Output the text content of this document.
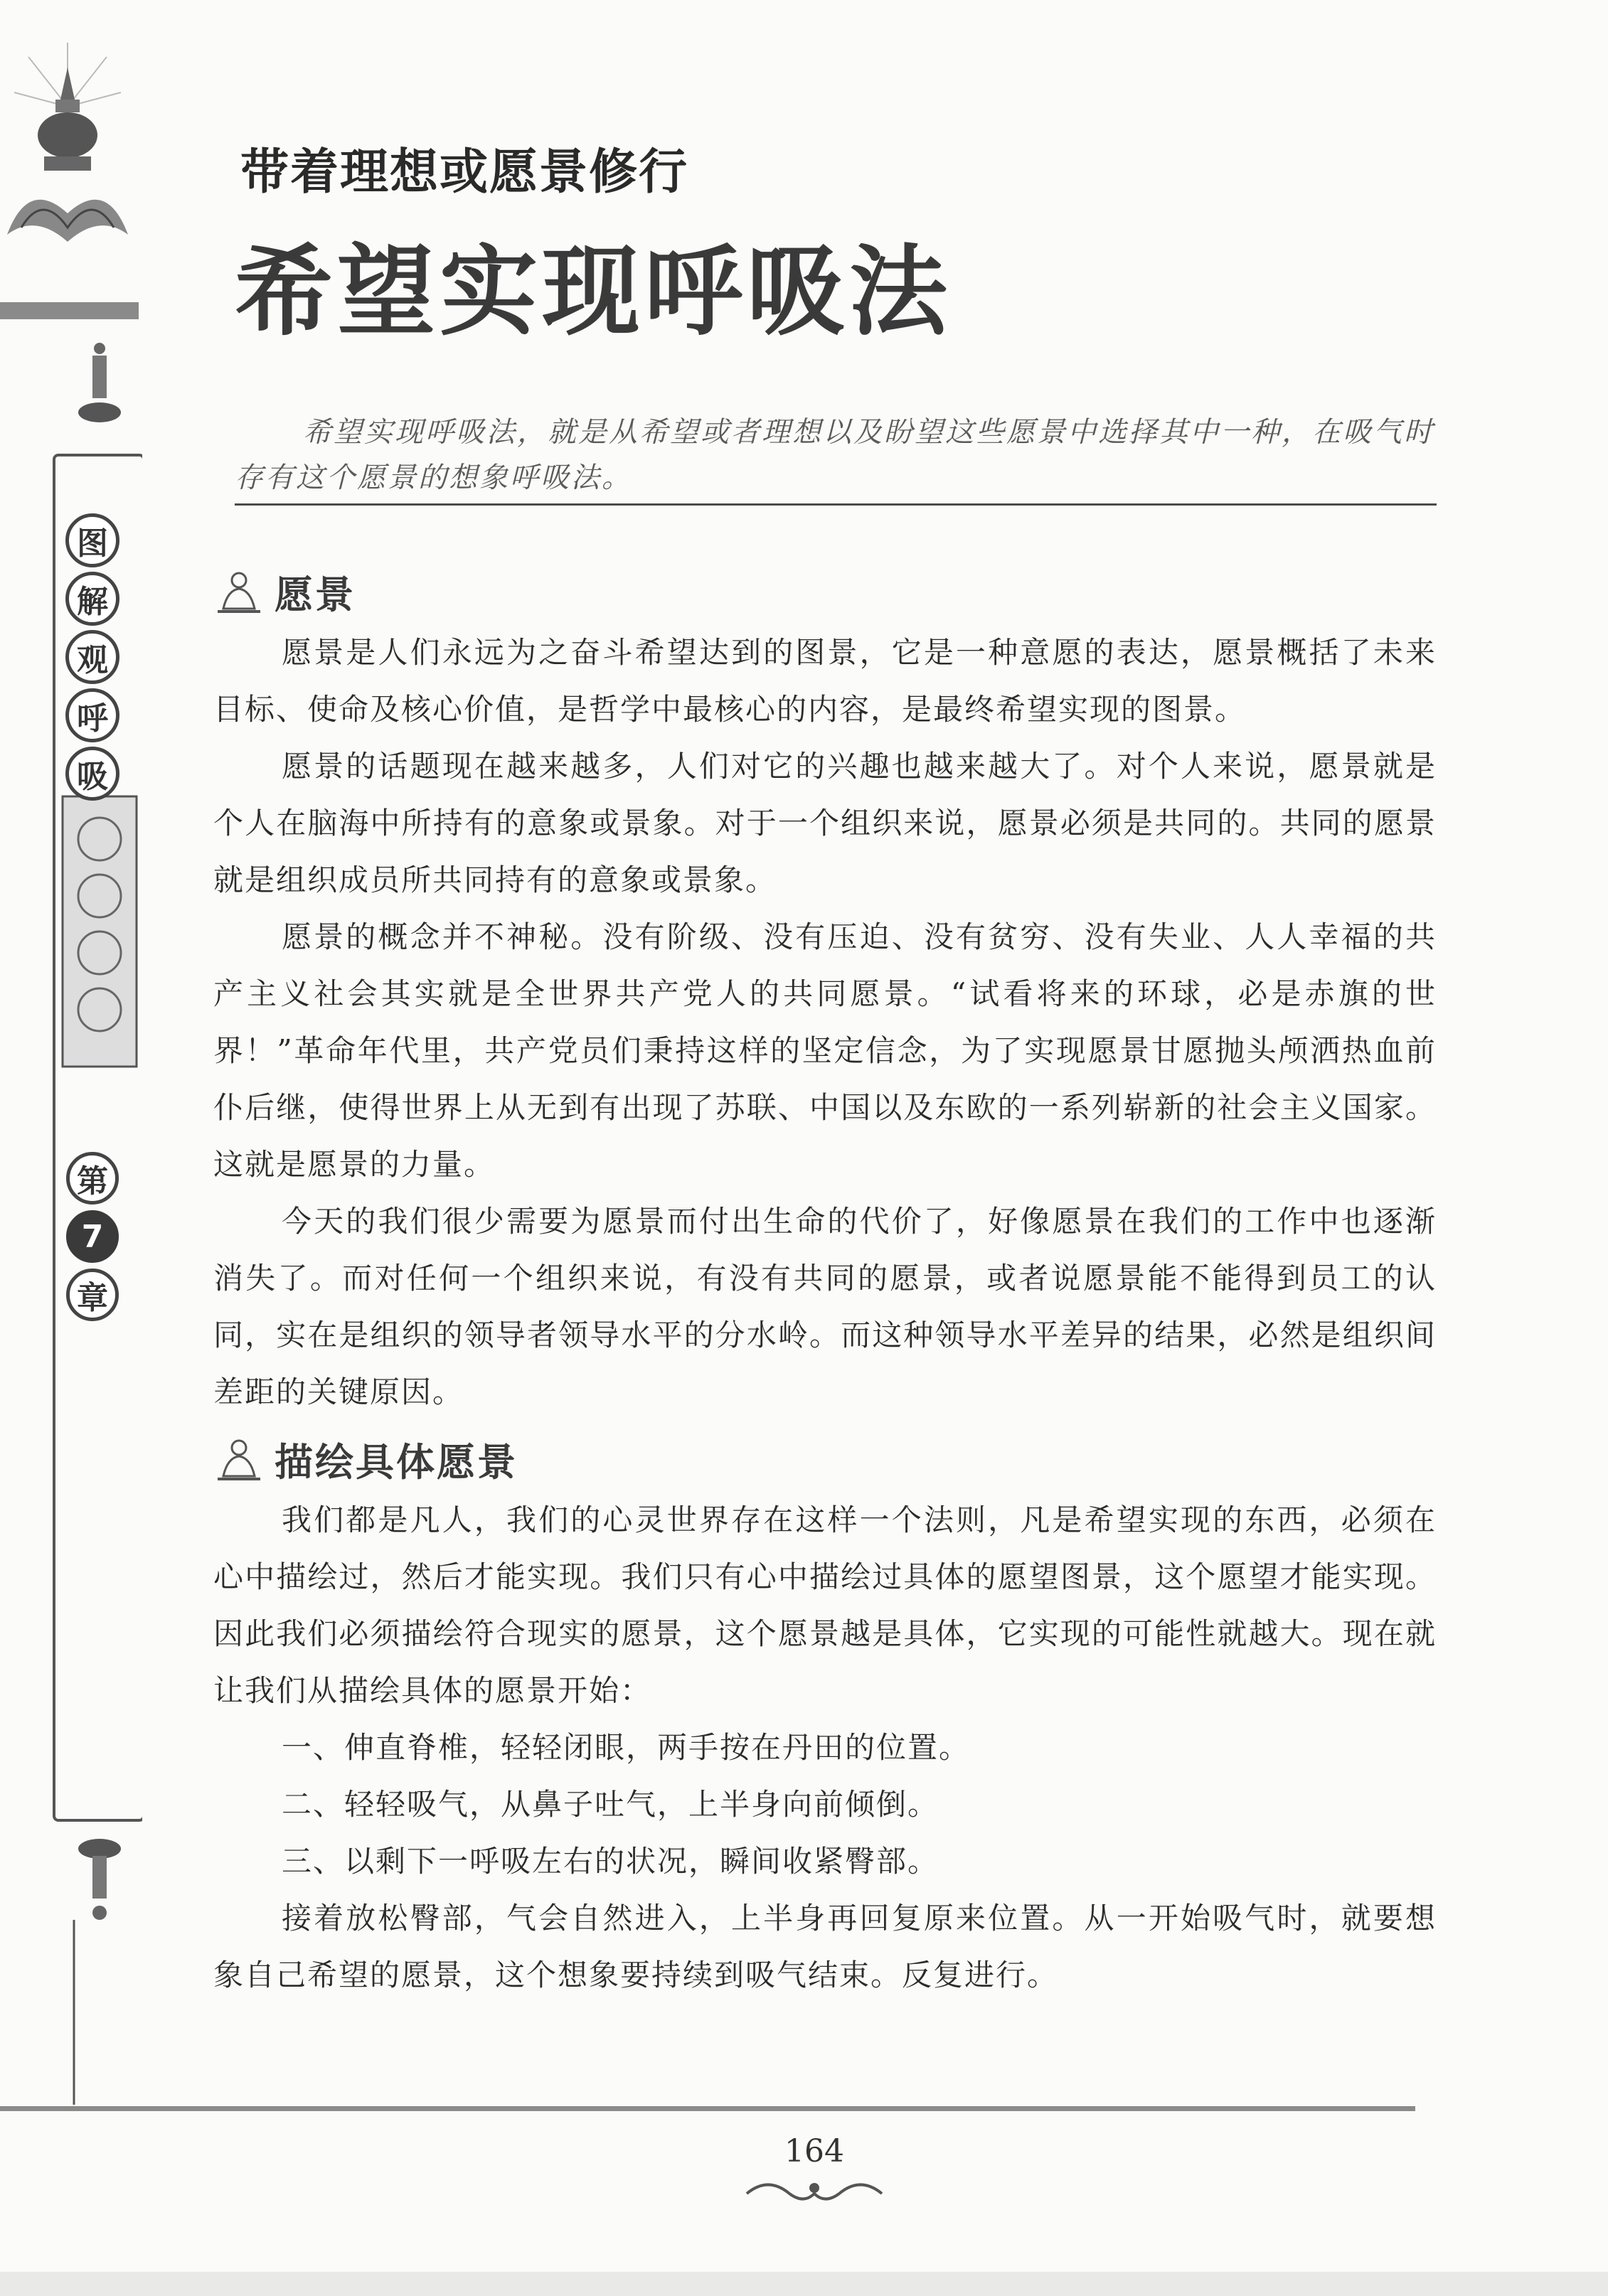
图
解
观
呼
吸
第
7
章
带着理想或愿景修行
希望实现呼吸法

希望实现呼吸法，就是从希望或者理想以及盼望这些愿景中选择其中一种，在吸气时存有这个愿景的想象呼吸法。

愿景

愿景是人们永远为之奋斗希望达到的图景，它是一种意愿的表达，愿景概括了未来目标、使命及核心价值，是哲学中最核心的内容，是最终希望实现的图景。

愿景的话题现在越来越多，人们对它的兴趣也越来越大了。对个人来说，愿景就是个人在脑海中所持有的意象或景象。对于一个组织来说，愿景必须是共同的。共同的愿景就是组织成员所共同持有的意象或景象。

愿景的概念并不神秘。没有阶级、没有压迫、没有贫穷、没有失业、人人幸福的共产主义社会其实就是全世界共产党人的共同愿景。“试看将来的环球，必是赤旗的世界！”革命年代里，共产党员们秉持这样的坚定信念，为了实现愿景甘愿抛头颅洒热血前仆后继，使得世界上从无到有出现了苏联、中国以及东欧的一系列崭新的社会主义国家。这就是愿景的力量。

今天的我们很少需要为愿景而付出生命的代价了，好像愿景在我们的工作中也逐渐消失了。而对任何一个组织来说，有没有共同的愿景，或者说愿景能不能得到员工的认同，实在是组织的领导者领导水平的分水岭。而这种领导水平差异的结果，必然是组织间差距的关键原因。

描绘具体愿景

我们都是凡人，我们的心灵世界存在这样一个法则，凡是希望实现的东西，必须在心中描绘过，然后才能实现。我们只有心中描绘过具体的愿望图景，这个愿望才能实现。因此我们必须描绘符合现实的愿景，这个愿景越是具体，它实现的可能性就越大。现在就让我们从描绘具体的愿景开始：

一、伸直脊椎，轻轻闭眼，两手按在丹田的位置。

二、轻轻吸气，从鼻子吐气，上半身向前倾倒。

三、以剩下一呼吸左右的状况，瞬间收紧臀部。

接着放松臀部，气会自然进入，上半身再回复原来位置。从一开始吸气时，就要想象自己希望的愿景，这个想象要持续到吸气结束。反复进行。

164
